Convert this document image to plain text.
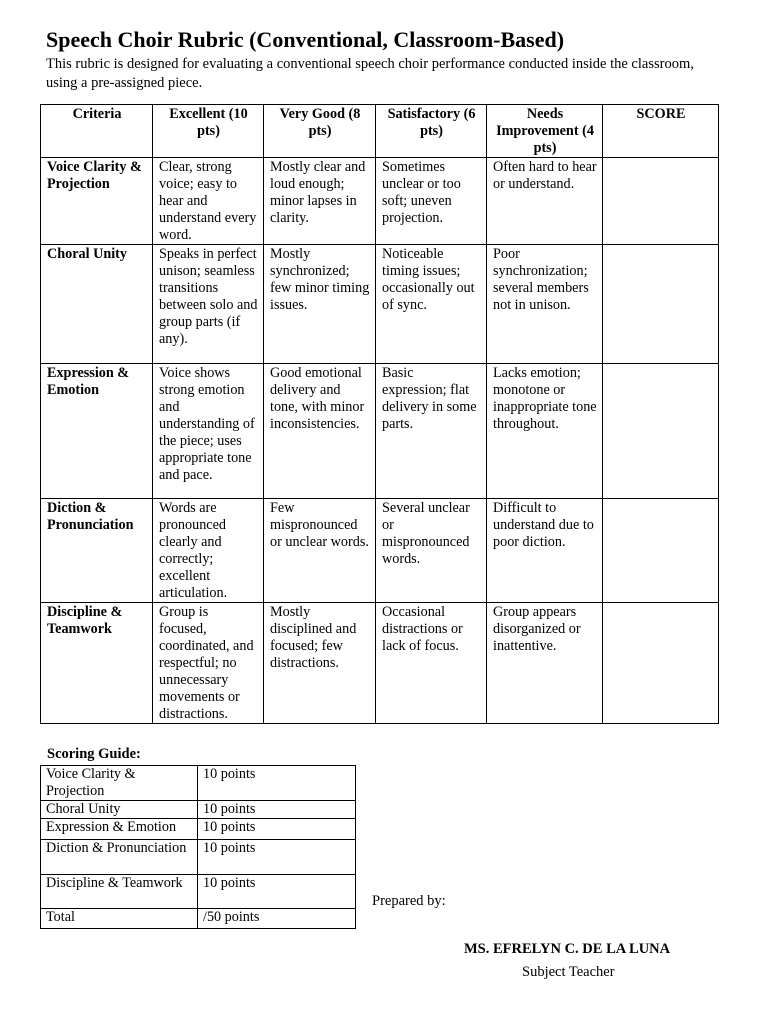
Speech Choir Rubric (Conventional, Classroom-Based)

This rubric is designed for evaluating a conventional speech choir performance conducted inside the classroom, using a pre-assigned piece.

Criteria	Excellent (10 pts)	Very Good (8 pts)	Satisfactory (6 pts)	Needs Improvement (4 pts)	SCORE
Voice Clarity & Projection	Clear, strong voice; easy to hear and understand every word.	Mostly clear and loud enough; minor lapses in clarity.	Sometimes unclear or too soft; uneven projection.	Often hard to hear or understand.	
Choral Unity	Speaks in perfect unison; seamless transitions between solo and group parts (if any).	Mostly synchronized; few minor timing issues.	Noticeable timing issues; occasionally out of sync.	Poor synchronization; several members not in unison.	
Expression & Emotion	Voice shows strong emotion and understanding of the piece; uses appropriate tone and pace.	Good emotional delivery and tone, with minor inconsistencies.	Basic expression; flat delivery in some parts.	Lacks emotion; monotone or inappropriate tone throughout.	
Diction & Pronunciation	Words are pronounced clearly and correctly; excellent articulation.	Few mispronounced or unclear words.	Several unclear or mispronounced words.	Difficult to understand due to poor diction.	
Discipline & Teamwork	Group is focused, coordinated, and respectful; no unnecessary movements or distractions.	Mostly disciplined and focused; few distractions.	Occasional distractions or lack of focus.	Group appears disorganized or inattentive.	

Scoring Guide:

Voice Clarity & Projection	10 points
Choral Unity	10 points
Expression & Emotion	10 points
Diction & Pronunciation	10 points
Discipline & Teamwork	10 points
Total	/50 points
Prepared by:
MS. EFRELYN C. DE LA LUNA
Subject Teacher
